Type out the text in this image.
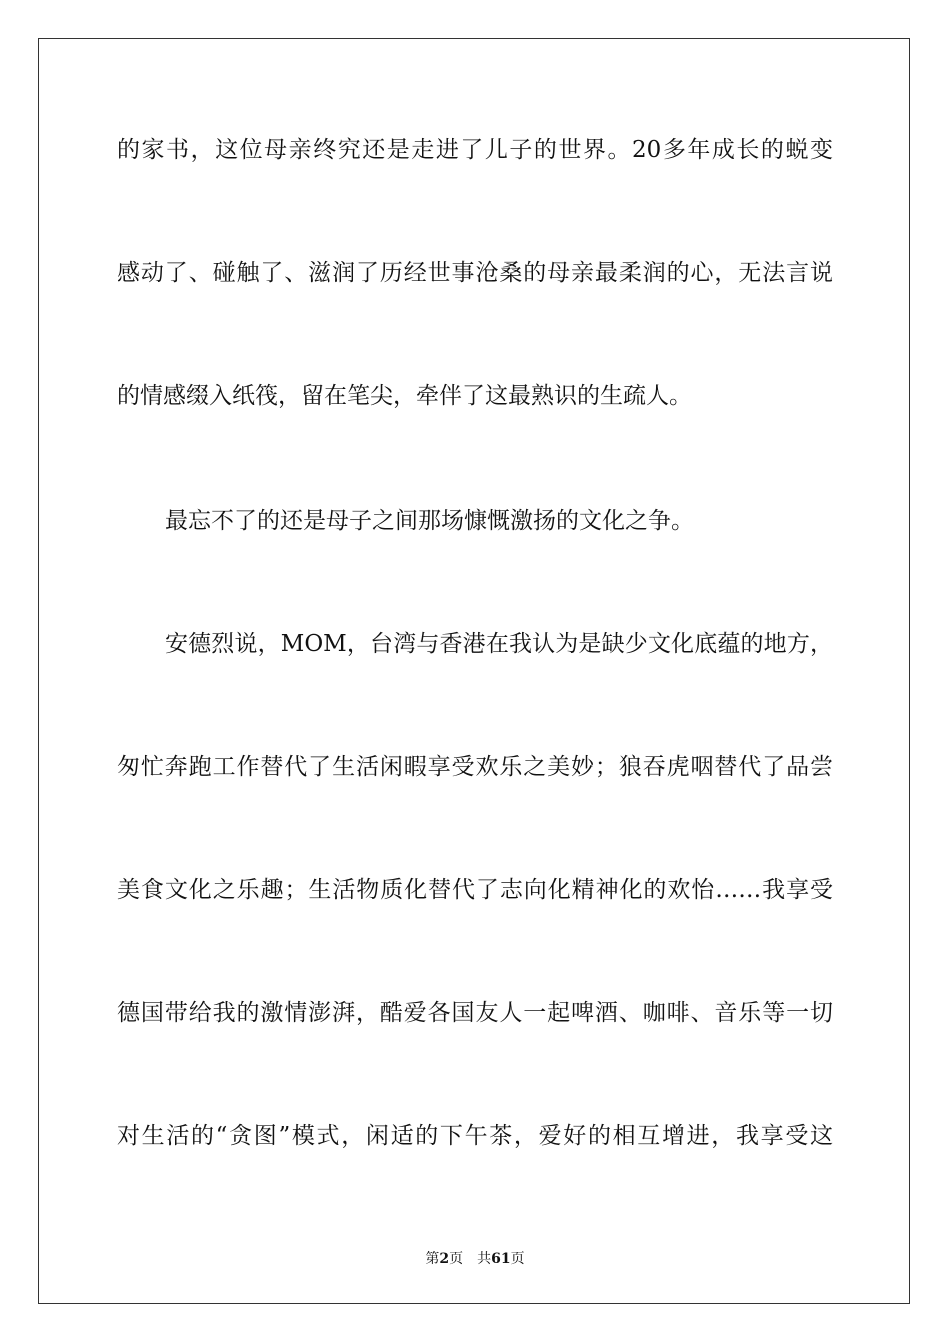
的家书，这位母亲终究还是走进了儿子的世界。20多年成长的蜕变
感动了、碰触了、滋润了历经世事沧桑的母亲最柔润的心，无法言说
的情感缀入纸筏，留在笔尖，牵伴了这最熟识的生疏人。
最忘不了的还是母子之间那场慷慨激扬的文化之争。
安德烈说，MOM，台湾与香港在我认为是缺少文化底蕴的地方，
匆忙奔跑工作替代了生活闲暇享受欢乐之美妙；狼吞虎咽替代了品尝
美食文化之乐趣；生活物质化替代了志向化精神化的欢怡……我享受
德国带给我的激情澎湃，酷爱各国友人一起啤酒、咖啡、音乐等一切
对生活的“贪图”模式，闲适的下午茶，爱好的相互增进，我享受这
第2页 共61页
